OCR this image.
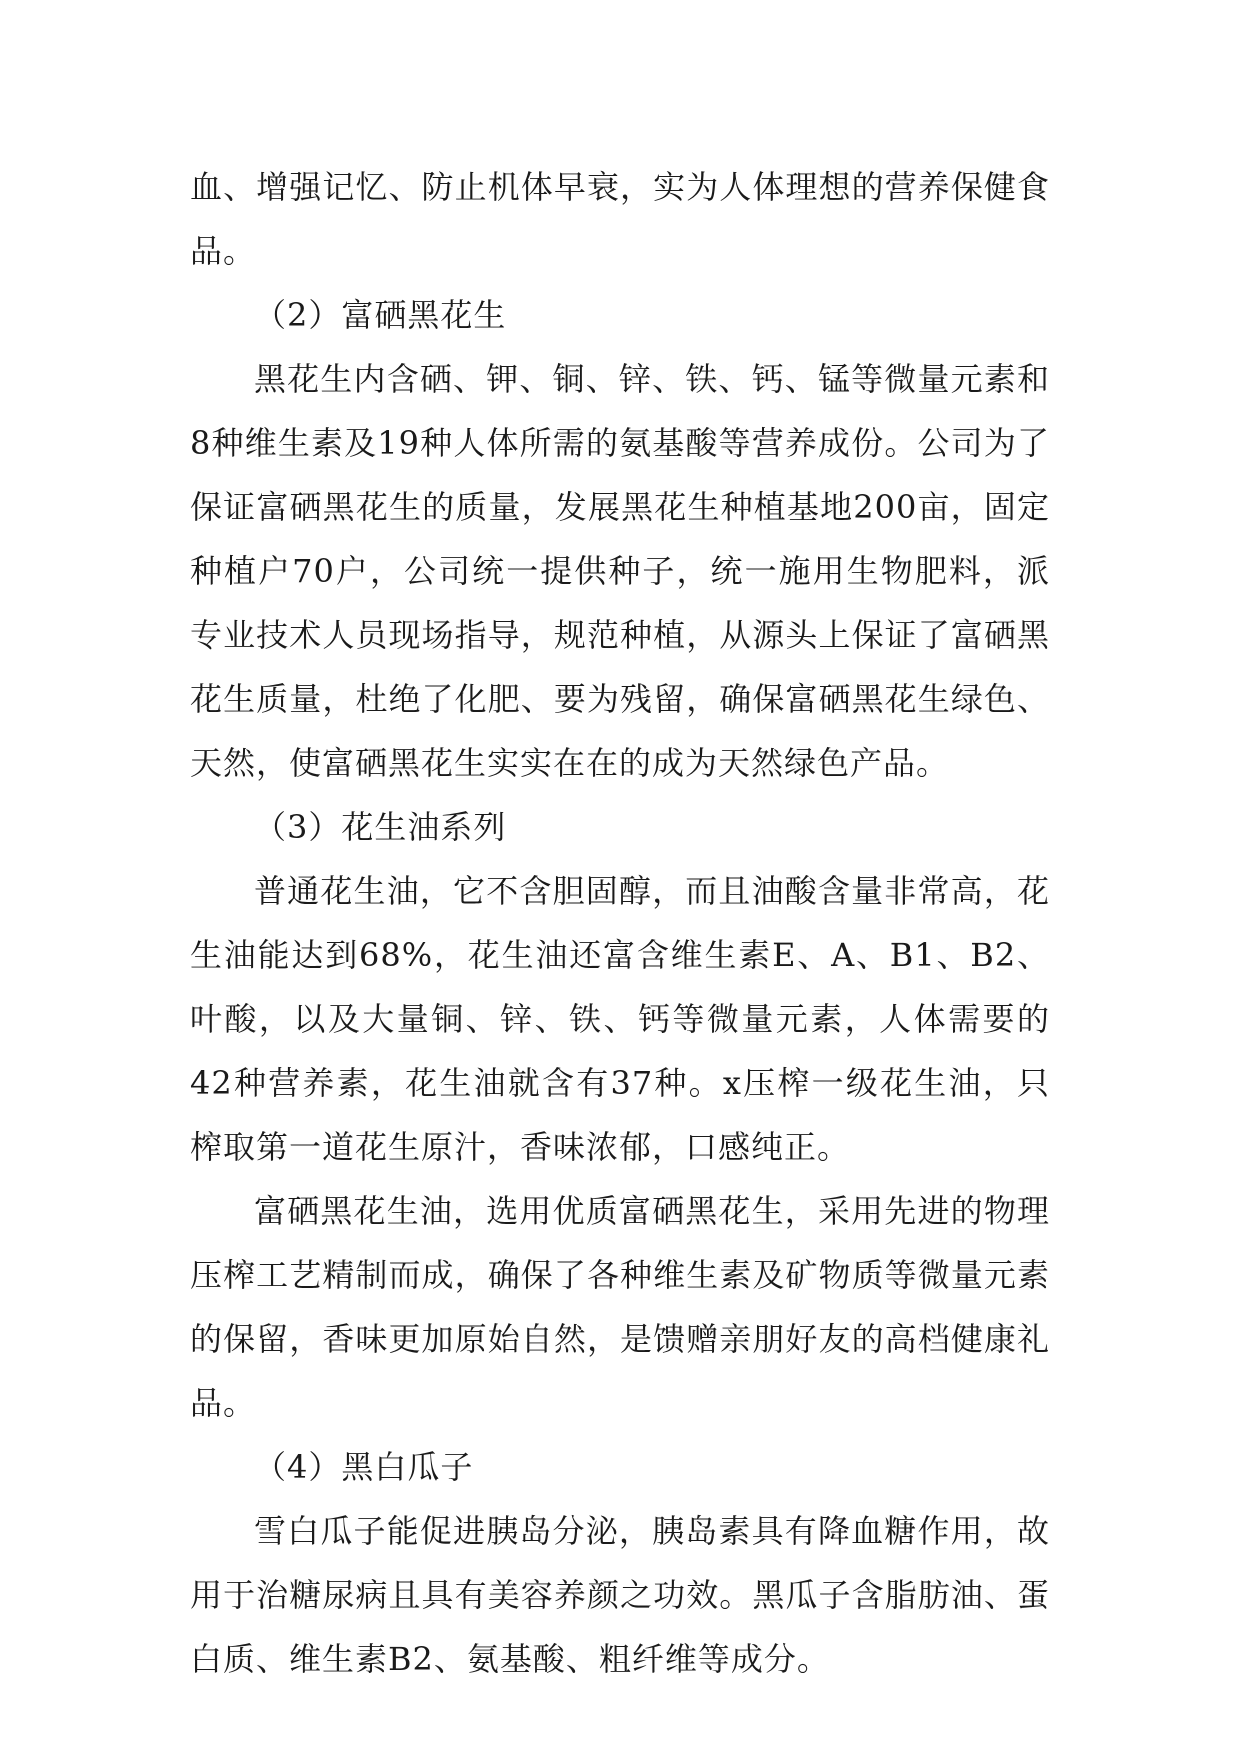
血、增强记忆、防止机体早衰，实为人体理想的营养保健食品。

（2）富硒黑花生

黑花生内含硒、钾、铜、锌、铁、钙、锰等微量元素和8种维生素及19种人体所需的氨基酸等营养成份。公司为了保证富硒黑花生的质量，发展黑花生种植基地200亩，固定种植户70户，公司统一提供种子，统一施用生物肥料，派专业技术人员现场指导，规范种植，从源头上保证了富硒黑花生质量，杜绝了化肥、要为残留，确保富硒黑花生绿色、天然，使富硒黑花生实实在在的成为天然绿色产品。

（3）花生油系列

普通花生油，它不含胆固醇，而且油酸含量非常高，花生油能达到68%，花生油还富含维生素E、A、B1、B2、叶酸，以及大量铜、锌、铁、钙等微量元素，人体需要的42种营养素，花生油就含有37种。x压榨一级花生油，只榨取第一道花生原汁，香味浓郁，口感纯正。

富硒黑花生油，选用优质富硒黑花生，采用先进的物理压榨工艺精制而成，确保了各种维生素及矿物质等微量元素的保留，香味更加原始自然，是馈赠亲朋好友的高档健康礼品。

（4）黑白瓜子

雪白瓜子能促进胰岛分泌，胰岛素具有降血糖作用，故用于治糖尿病且具有美容养颜之功效。黑瓜子含脂肪油、蛋白质、维生素B2、氨基酸、粗纤维等成分。
